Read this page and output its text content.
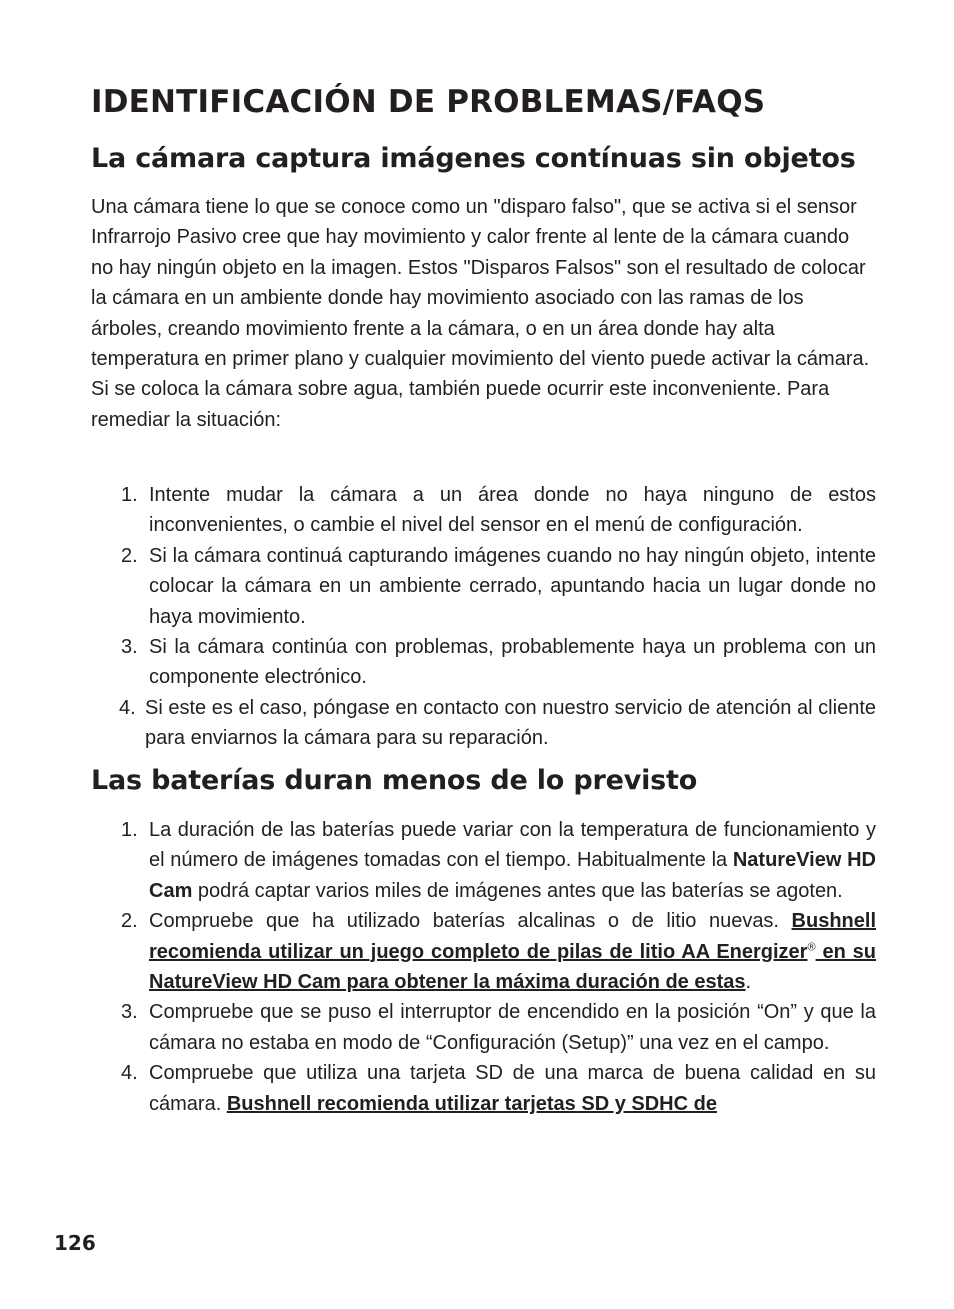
IDENTIFICACIÓN DE PROBLEMAS/FAQS
La cámara captura imágenes contínuas sin objetos

Una cámara tiene lo que se conoce como un "disparo falso", que se activa si el sensor Infrarrojo Pasivo cree que hay movimiento y calor frente al lente de la cámara cuando no hay ningún objeto en la imagen. Estos "Disparos Falsos" son el resultado de colocar la cámara en un ambiente donde hay movimiento asociado con las ramas de los árboles, creando movimiento frente a la cámara, o en un área donde hay alta temperatura en primer plano y cualquier movimiento del viento puede activar la cámara. Si se coloca la cámara sobre agua, también puede ocurrir este inconveniente. Para remediar la situación:

1. Intente mudar la cámara a un área donde no haya ninguno de estos inconvenientes, o cambie el nivel del sensor en el menú de configuración.
2. Si la cámara continuá capturando imágenes cuando no hay ningún objeto, intente colocar la cámara en un ambiente cerrado, apuntando hacia un lugar donde no haya movimiento.
3. Si la cámara continúa con problemas, probablemente haya un problema con un componente electrónico.
4. Si este es el caso, póngase en contacto con nuestro servicio de atención al cliente para enviarnos la cámara para su reparación.
Las baterías duran menos de lo previsto
1. La duración de las baterías puede variar con la temperatura de funcionamiento y el número de imágenes tomadas con el tiempo. Habitualmente la NatureView HD Cam podrá captar varios miles de imágenes antes que las baterías se agoten.
2. Compruebe que ha utilizado baterías alcalinas o de litio nuevas. Bushnell recomienda utilizar un juego completo de pilas de litio AA Energizer® en su NatureView HD Cam para obtener la máxima duración de estas.
3. Compruebe que se puso el interruptor de encendido en la posición “On” y que la cámara no estaba en modo de “Configuración (Setup)” una vez en el campo.
4. Compruebe que utiliza una tarjeta SD de una marca de buena calidad en su cámara. Bushnell recomienda utilizar tarjetas SD y SDHC de
126
